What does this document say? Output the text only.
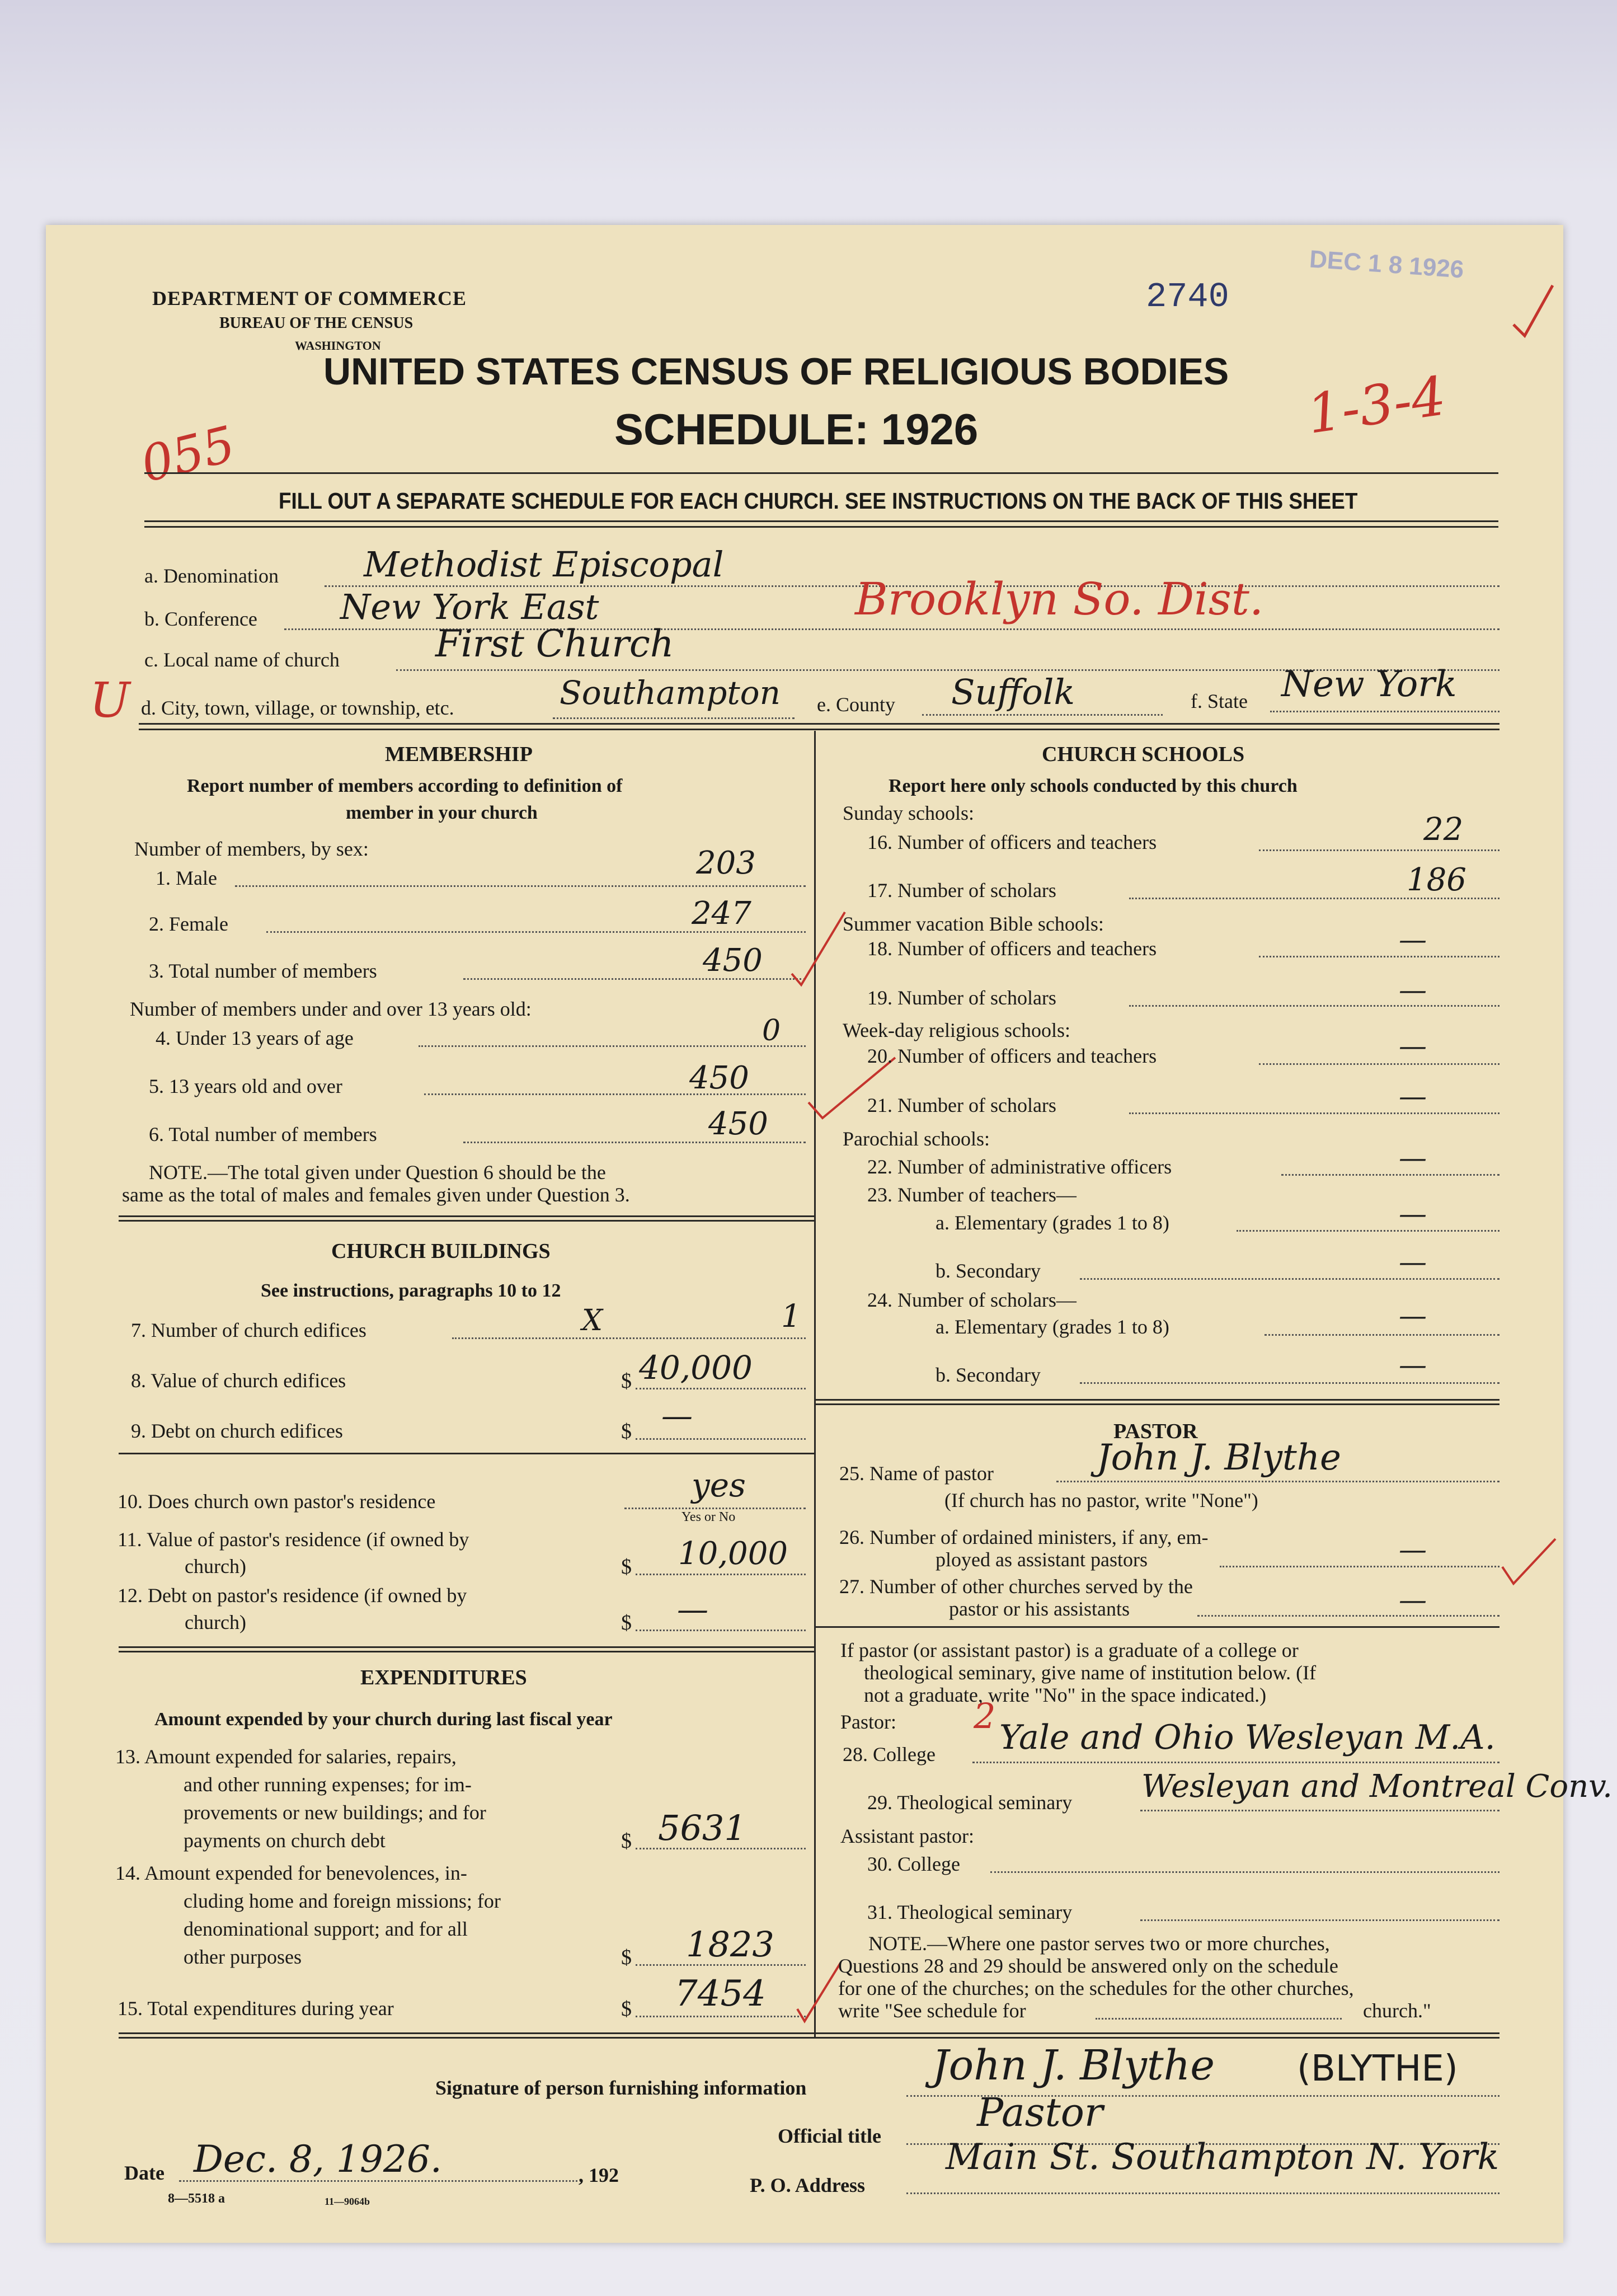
DEPARTMENT OF COMMERCE
BUREAU OF THE CENSUS
WASHINGTON
2740
DEC 1 8 1926
UNITED STATES CENSUS OF RELIGIOUS BODIES
SCHEDULE: 1926
055
1-3-4
FILL OUT A SEPARATE SCHEDULE FOR EACH CHURCH. SEE INSTRUCTIONS ON THE BACK OF THIS SHEET
a. Denomination Methodist Episcopal
b. Conference New York East	Brooklyn So. Dist.
c. Local name of church	First Church
U d. City, town, village, or township, etc.	Southampton e. County Suffolk	f. State New York
MEMBERSHIP
Report number of members according to definition of
member in your church
Number of members, by sex:
1. Male	203
2. Female	247
3. Total number of members	450
Number of members under and over 13 years old:
4. Under 13 years of age	0
5. 13 years old and over	450
6. Total number of members	450
NOTE.—The total given under Question 6 should be the
same as the total of males and females given under Question 3.
CHURCH BUILDINGS
See instructions, paragraphs 10 to 12
7. Number of church edifices	X	1
8. Value of church edifices	$ 40,000
9. Debt on church edifices	$ —
10. Does church own pastor's residence	yes
Yes or No
11. Value of pastor's residence (if owned by
church)	$ 10,000
12. Debt on pastor's residence (if owned by
church)	$ —
EXPENDITURES
Amount expended by your church during last fiscal year
13. Amount expended for salaries, repairs,
and other running expenses; for im-
provements or new buildings; and for
payments on church debt	$ 5631
14. Amount expended for benevolences, in-
cluding home and foreign missions; for
denominational support; and for all
other purposes	$ 1823
15. Total expenditures during year	$ 7454
CHURCH SCHOOLS
Report here only schools conducted by this church
Sunday schools:
16. Number of officers and teachers	22
17. Number of scholars	186
Summer vacation Bible schools:
18. Number of officers and teachers	—
19. Number of scholars	—
Week-day religious schools:
20. Number of officers and teachers	—
21. Number of scholars	—
Parochial schools:
22. Number of administrative officers	—
23. Number of teachers—
a. Elementary (grades 1 to 8)	—
b. Secondary	—
24. Number of scholars—
a. Elementary (grades 1 to 8)	—
b. Secondary	—
PASTOR
25. Name of pastor	John J. Blythe
(If church has no pastor, write "None")
26. Number of ordained ministers, if any, em-
ployed as assistant pastors	—
27. Number of other churches served by the
pastor or his assistants	—
If pastor (or assistant pastor) is a graduate of a college or
theological seminary, give name of institution below. (If
not a graduate, write "No" in the space indicated.)
Pastor: 2
28. College Yale and Ohio Wesleyan M.A.
29. Theological seminary Wesleyan and Montreal Conv.
Assistant pastor:
30. College
31. Theological seminary
NOTE.—Where one pastor serves two or more churches,
Questions 28 and 29 should be answered only on the schedule
for one of the churches; on the schedules for the other churches,
write "See schedule for	church."
Signature of person furnishing information	John J. Blythe (BLYTHE)
Official title
Pastor
Date Dec. 8, 1926.	, 192	P. O. Address
Main St. Southampton N. York
8—5518 a	11—9064b
